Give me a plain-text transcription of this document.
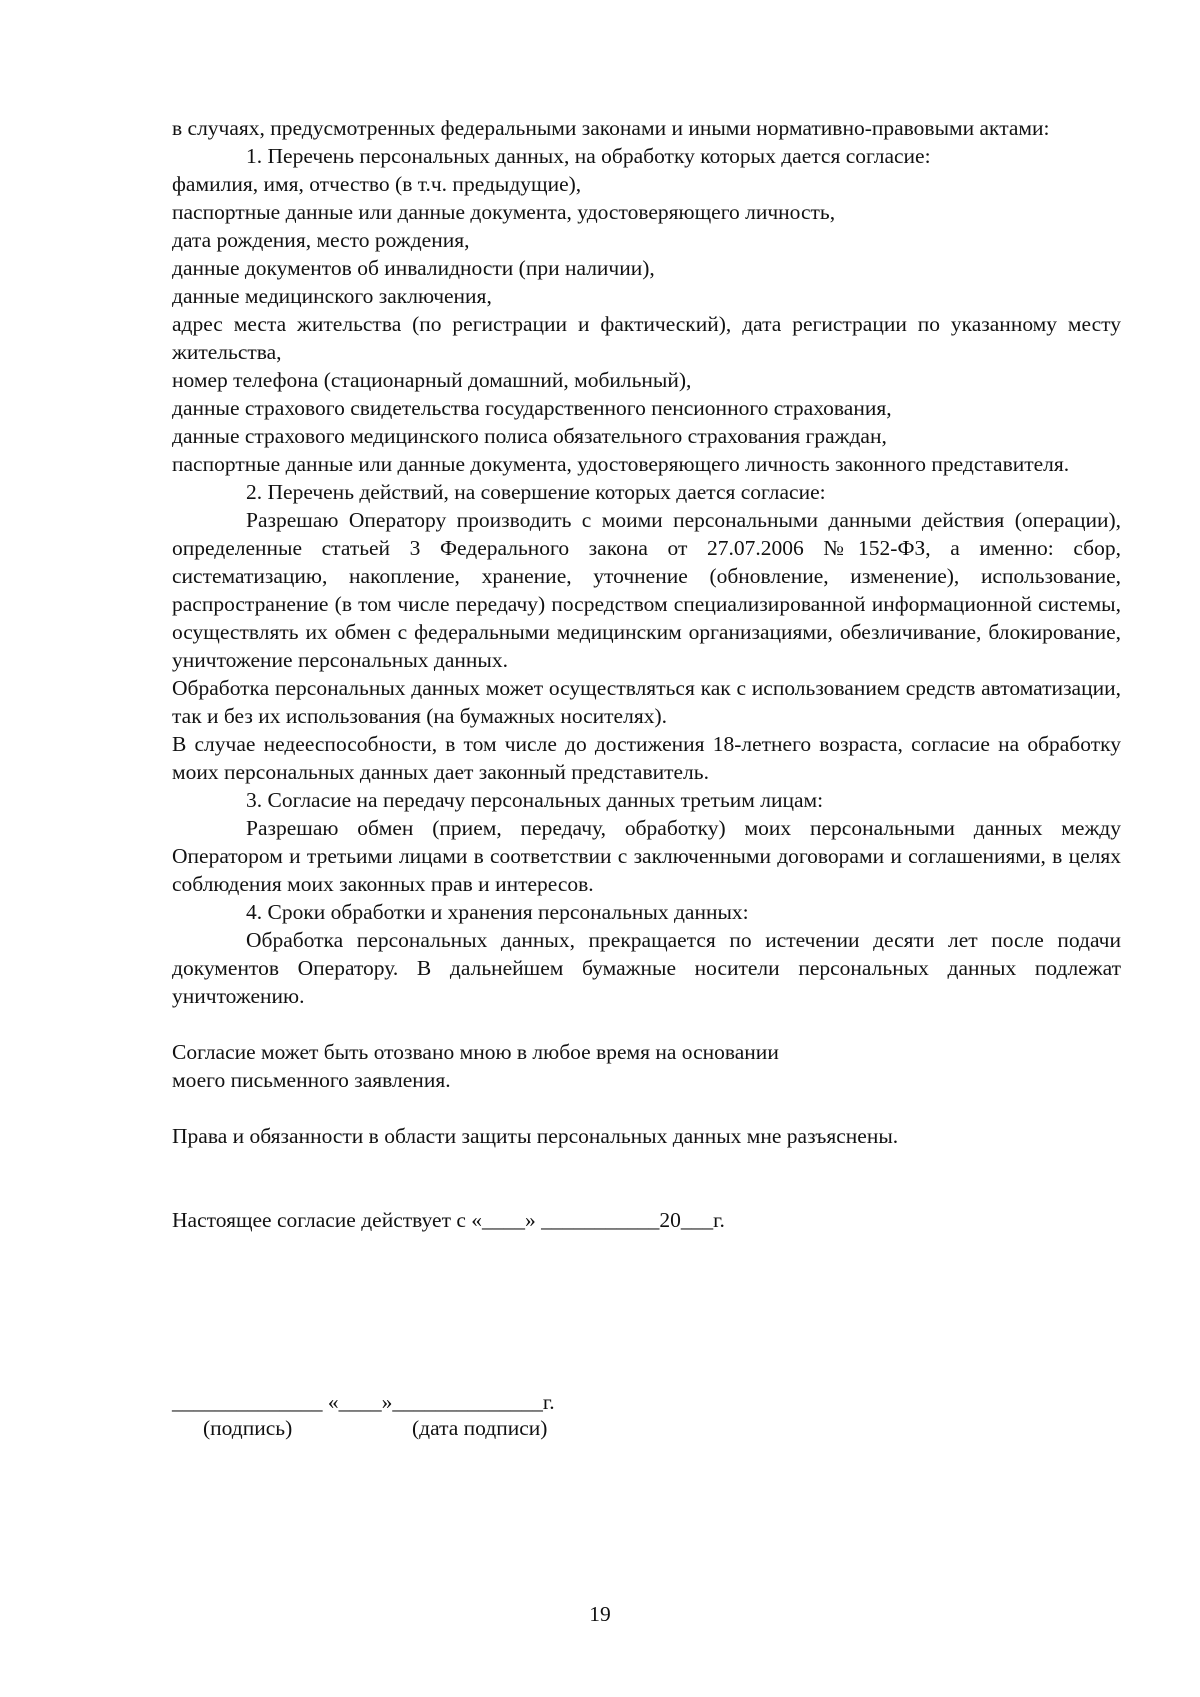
в случаях, предусмотренных федеральными законами и иными нормативно-правовыми актами:

1. Перечень персональных данных, на обработку которых дается согласие:

фамилия, имя, отчество (в т.ч. предыдущие),

паспортные данные или данные документа, удостоверяющего личность,

дата рождения, место рождения,

данные документов об инвалидности (при наличии),

данные медицинского заключения,

адрес места жительства (по регистрации и фактический), дата регистрации по указанному месту жительства,

номер телефона (стационарный домашний, мобильный),

данные страхового свидетельства государственного пенсионного страхования,

данные страхового медицинского полиса обязательного страхования граждан,

паспортные данные или данные документа, удостоверяющего личность законного представителя.

2. Перечень действий, на совершение которых дается согласие:

Разрешаю Оператору производить с моими персональными данными действия (операции), определенные статьей 3 Федерального закона от 27.07.2006 №152-ФЗ, а именно: сбор, систематизацию, накопление, хранение, уточнение (обновление, изменение), использование, распространение (в том числе передачу) посредством специализированной информационной системы, осуществлять их обмен с федеральными медицинским организациями, обезличивание, блокирование, уничтожение персональных данных.

Обработка персональных данных может осуществляться как с использованием средств автоматизации, так и без их использования (на бумажных носителях).

В случае недееспособности, в том числе до достижения 18-летнего возраста, согласие на обработку моих персональных данных дает законный представитель.

3. Согласие на передачу персональных данных третьим лицам:

Разрешаю обмен (прием, передачу, обработку) моих персональными данных между Оператором и третьими лицами в соответствии с заключенными договорами и соглашениями, в целях соблюдения моих законных прав и интересов.

4. Сроки обработки и хранения персональных данных:

Обработка персональных данных, прекращается по истечении десяти лет после подачи документов Оператору. В дальнейшем бумажные носители персональных данных подлежат уничтожению.

Согласие может быть отозвано мною в любое время на основании

моего письменного заявления.

Права и обязанности в области защиты персональных данных мне разъяснены.

Настоящее согласие действует с «____» ___________20___г.

______________ «____»______________г.
(подпись)	(дата подписи)
19
